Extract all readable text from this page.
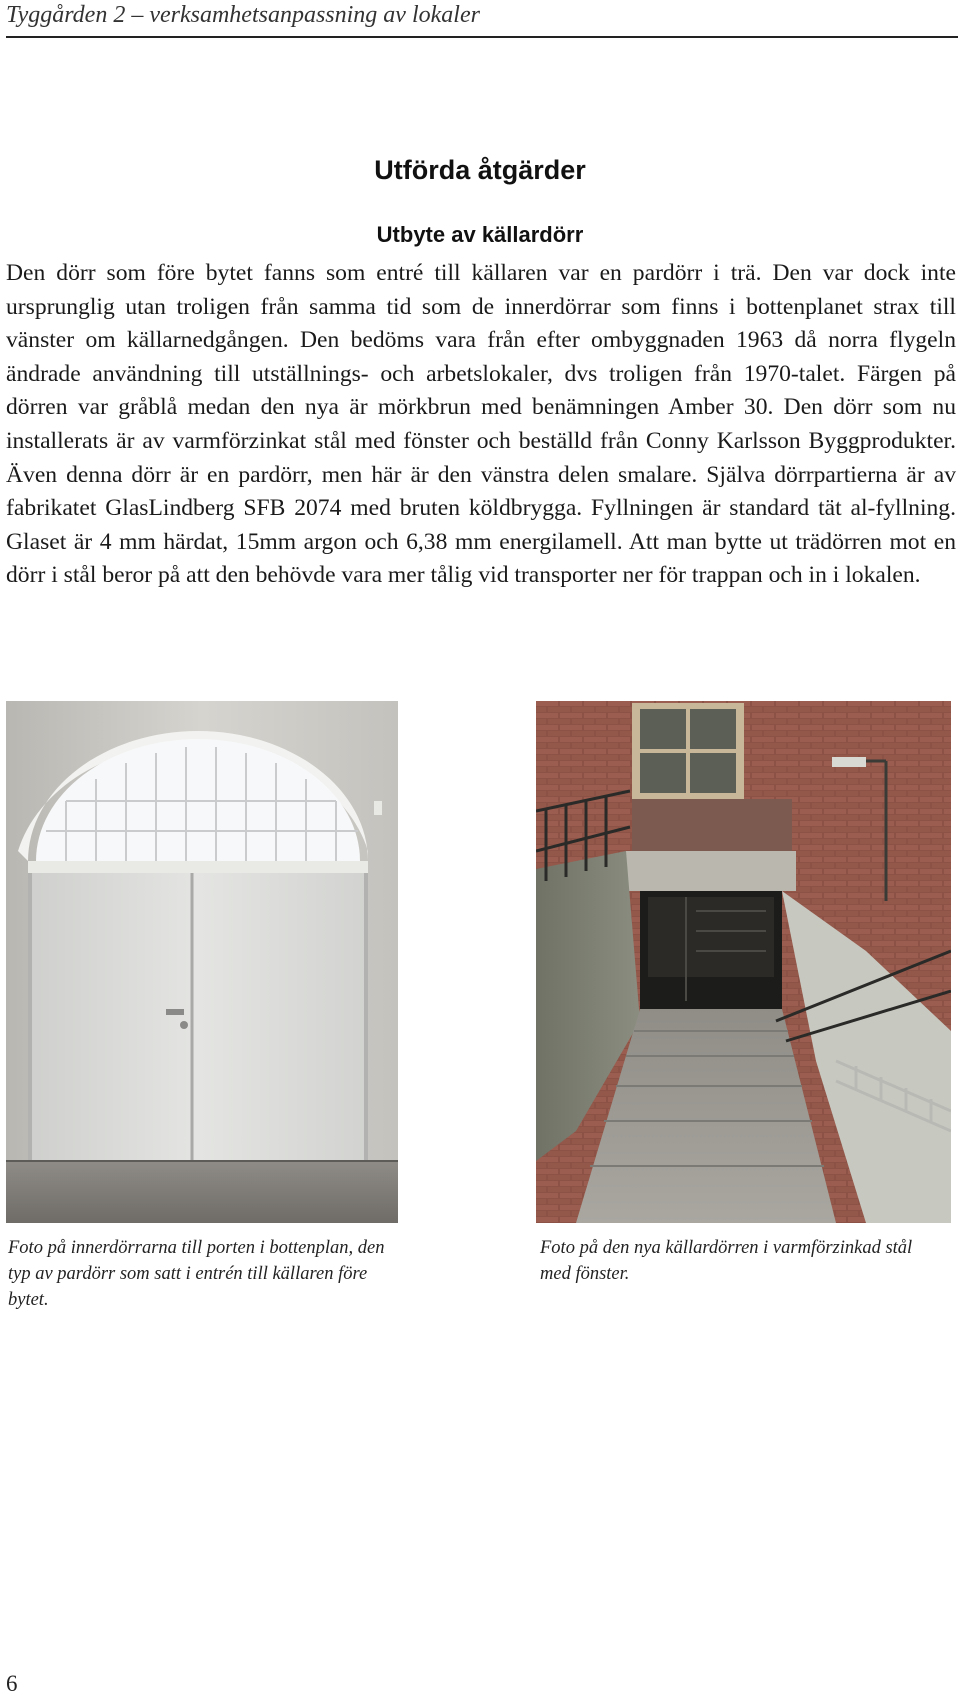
Tyggården 2 – verksamhetsanpassning av lokaler
Utförda åtgärder
Utbyte av källardörr

Den dörr som före bytet fanns som entré till källaren var en pardörr i trä. Den var dock inte ursprunglig utan troligen från samma tid som de innerdörrar som finns i bottenplanet strax till vänster om källarnedgången. Den bedöms vara från efter ombyggnaden 1963 då norra flygeln ändrade användning till utställnings- och arbetslokaler, dvs troligen från 1970-talet. Färgen på dörren var gråblå medan den nya är mörkbrun med benämningen Amber 30. Den dörr som nu installerats är av varmförzinkat stål med fönster och beställd från Conny Karlsson Byggprodukter. Även denna dörr är en pardörr, men här är den vänstra delen smalare. Själva dörrpartierna är av fabrikatet GlasLindberg SFB 2074 med bruten köldbrygga. Fyllningen är standard tät al-fyllning. Glaset är 4 mm härdat, 15mm argon och 6,38 mm energilamell. Att man bytte ut trädörren mot en dörr i stål beror på att den behövde vara mer tålig vid transporter ner för trappan och in i lokalen.

Foto på innerdörrarna till porten i bottenplan, den typ av pardörr som satt i entrén till källaren före bytet.

Foto på den nya källardörren i varmförzinkad stål med fönster.

6
